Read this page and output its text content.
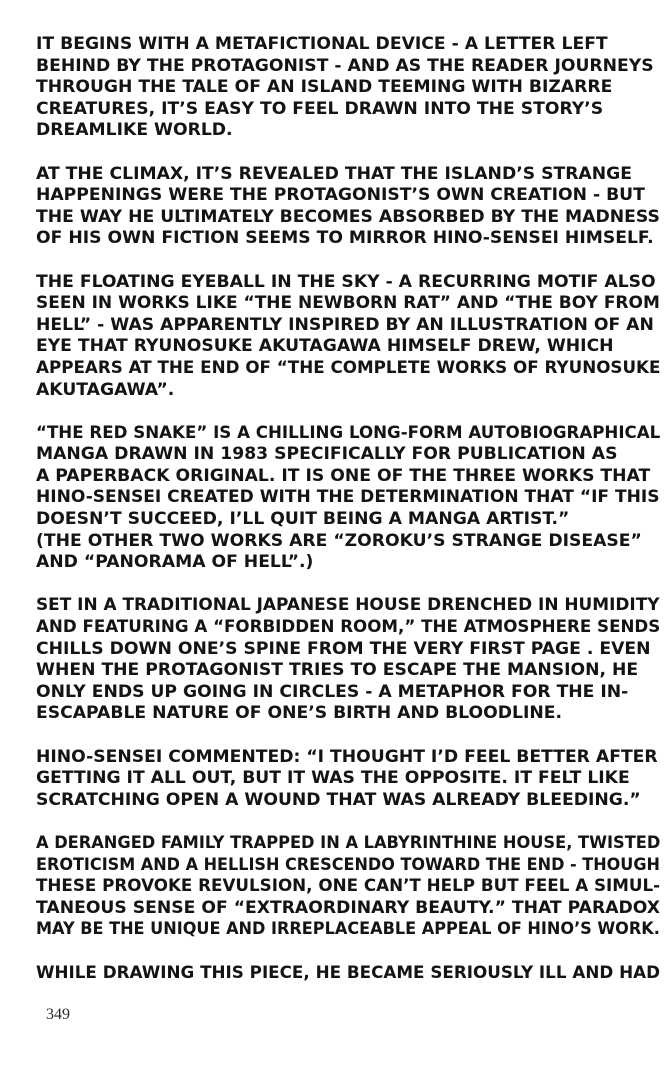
IT BEGINS WITH A METAFICTIONAL DEVICE - A LETTER LEFT
BEHIND BY THE PROTAGONIST - AND AS THE READER JOURNEYS
THROUGH THE TALE OF AN ISLAND TEEMING WITH BIZARRE
CREATURES, IT’S EASY TO FEEL DRAWN INTO THE STORY’S
DREAMLIKE WORLD.

AT THE CLIMAX, IT’S REVEALED THAT THE ISLAND’S STRANGE
HAPPENINGS WERE THE PROTAGONIST’S OWN CREATION - BUT
THE WAY HE ULTIMATELY BECOMES ABSORBED BY THE MADNESS
OF HIS OWN FICTION SEEMS TO MIRROR HINO-SENSEI HIMSELF.

THE FLOATING EYEBALL IN THE SKY - A RECURRING MOTIF ALSO
SEEN IN WORKS LIKE “THE NEWBORN RAT” AND “THE BOY FROM
HELL” - WAS APPARENTLY INSPIRED BY AN ILLUSTRATION OF AN
EYE THAT RYUNOSUKE AKUTAGAWA HIMSELF DREW, WHICH
APPEARS AT THE END OF “THE COMPLETE WORKS OF RYUNOSUKE
AKUTAGAWA”.

“THE RED SNAKE” IS A CHILLING LONG-FORM AUTOBIOGRAPHICAL
MANGA DRAWN IN 1983 SPECIFICALLY FOR PUBLICATION AS
A PAPERBACK ORIGINAL. IT IS ONE OF THE THREE WORKS THAT
HINO-SENSEI CREATED WITH THE DETERMINATION THAT “IF THIS
DOESN’T SUCCEED, I’LL QUIT BEING A MANGA ARTIST.”
(THE OTHER TWO WORKS ARE “ZOROKU’S STRANGE DISEASE”
AND “PANORAMA OF HELL”.)

SET IN A TRADITIONAL JAPANESE HOUSE DRENCHED IN HUMIDITY
AND FEATURING A “FORBIDDEN ROOM,” THE ATMOSPHERE SENDS
CHILLS DOWN ONE’S SPINE FROM THE VERY FIRST PAGE . EVEN
WHEN THE PROTAGONIST TRIES TO ESCAPE THE MANSION, HE
ONLY ENDS UP GOING IN CIRCLES - A METAPHOR FOR THE IN-
ESCAPABLE NATURE OF ONE’S BIRTH AND BLOODLINE.

HINO-SENSEI COMMENTED: “I THOUGHT I’D FEEL BETTER AFTER
GETTING IT ALL OUT, BUT IT WAS THE OPPOSITE. IT FELT LIKE
SCRATCHING OPEN A WOUND THAT WAS ALREADY BLEEDING.”

A DERANGED FAMILY TRAPPED IN A LABYRINTHINE HOUSE, TWISTED
EROTICISM AND A HELLISH CRESCENDO TOWARD THE END - THOUGH
THESE PROVOKE REVULSION, ONE CAN’T HELP BUT FEEL A SIMUL-
TANEOUS SENSE OF “EXTRAORDINARY BEAUTY.” THAT PARADOX
MAY BE THE UNIQUE AND IRREPLACEABLE APPEAL OF HINO’S WORK.

WHILE DRAWING THIS PIECE, HE BECAME SERIOUSLY ILL AND HAD

349
